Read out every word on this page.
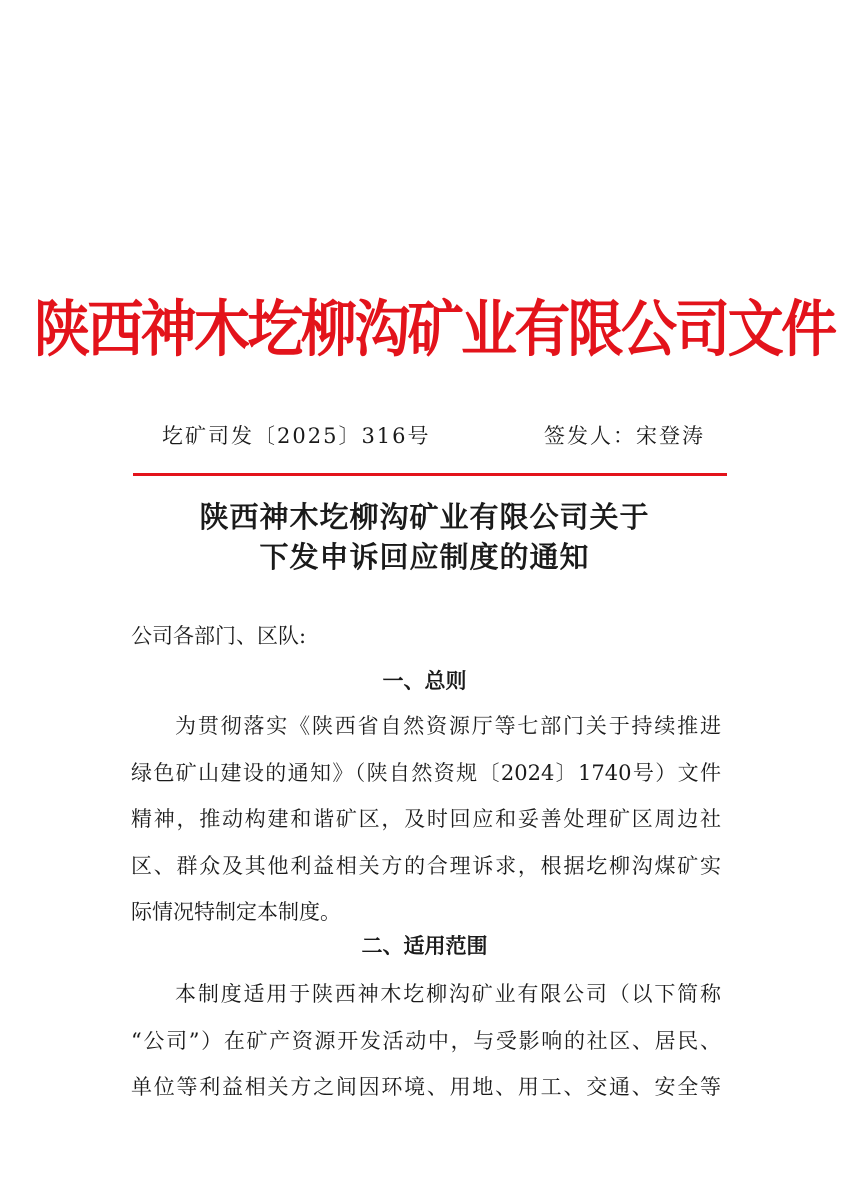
陕西神木圪柳沟矿业有限公司文件
圪矿司发〔2025〕316号	签发人：宋登涛
陕西神木圪柳沟矿业有限公司关于
下发申诉回应制度的通知
公司各部门、区队:
一、总则
为贯彻落实《陕西省自然资源厅等七部门关于持续推进
绿色矿山建设的通知》（陕自然资规〔2024〕1740号）文件
精神，推动构建和谐矿区，及时回应和妥善处理矿区周边社
区、群众及其他利益相关方的合理诉求，根据圪柳沟煤矿实
际情况特制定本制度。
二、适用范围
本制度适用于陕西神木圪柳沟矿业有限公司（以下简称
“公司”）在矿产资源开发活动中，与受影响的社区、居民、
单位等利益相关方之间因环境、用地、用工、交通、安全等
